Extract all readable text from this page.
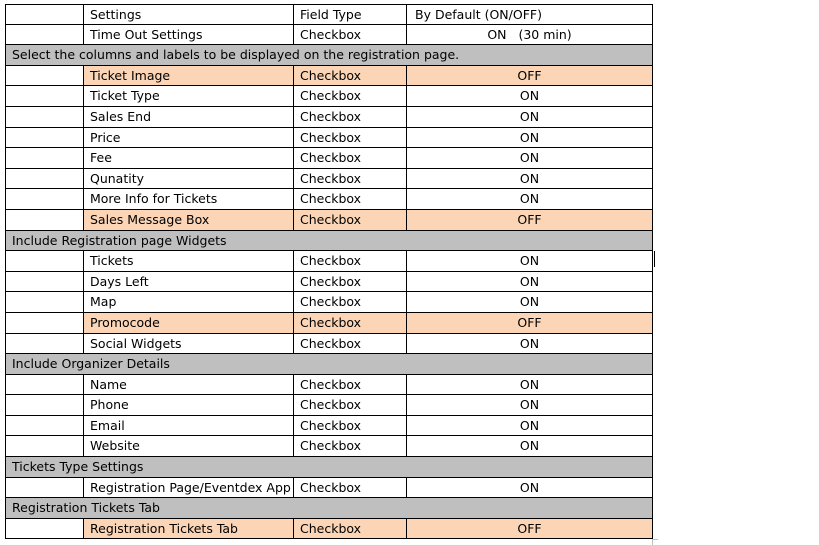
Settings	Field Type	By Default (ON/OFF)
Time Out Settings	Checkbox	ON   (30 min)
Select the columns and labels to be displayed on the registration page.
Ticket Image	Checkbox	OFF
Ticket Type	Checkbox	ON
Sales End	Checkbox	ON
Price	Checkbox	ON
Fee	Checkbox	ON
Qunatity	Checkbox	ON
More Info for Tickets	Checkbox	ON
Sales Message Box	Checkbox	OFF
Include Registration page Widgets
Tickets	Checkbox	ON
Days Left	Checkbox	ON
Map	Checkbox	ON
Promocode	Checkbox	OFF
Social Widgets	Checkbox	ON
Include Organizer Details
Name	Checkbox	ON
Phone	Checkbox	ON
Email	Checkbox	ON
Website	Checkbox	ON
Tickets Type Settings
Registration Page/Eventdex App Checkbox	ON
Registration Tickets Tab
Registration Tickets Tab	Checkbox	OFF
